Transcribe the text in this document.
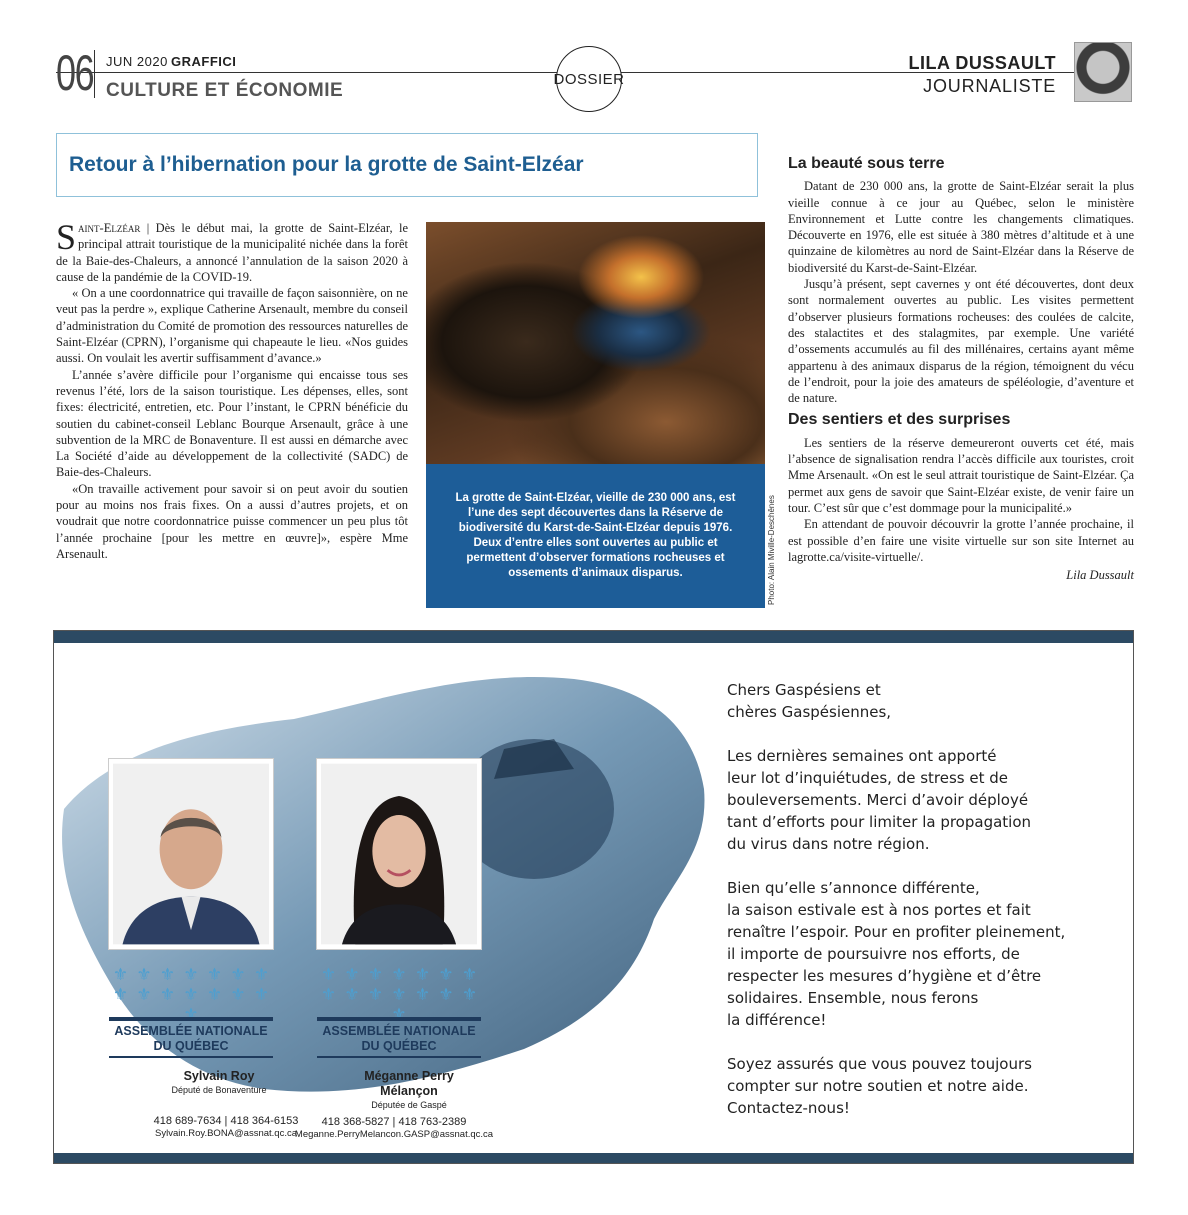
06 JUN 2020 GRAFFICI
CULTURE ET ÉCONOMIE
DOSSIER
LILA DUSSAULT
JOURNALISTE
Retour à l’hibernation pour la grotte de Saint-Elzéar

Saint-Elzéar | Dès le début mai, la grotte de Saint-Elzéar, le principal attrait touristique de la municipalité nichée dans la forêt de la Baie-des-Chaleurs, a annoncé l’annulation de la saison 2020 à cause de la pandémie de la COVID-19.

« On a une coordonnatrice qui travaille de façon saisonnière, on ne veut pas la perdre », explique Catherine Arsenault, membre du conseil d’administration du Comité de promotion des ressources naturelles de Saint-Elzéar (CPRN), l’organisme qui chapeaute le lieu. «Nos guides aussi. On voulait les avertir suffisamment d’avance.»

L’année s’avère difficile pour l’organisme qui encaisse tous ses revenus l’été, lors de la saison touristique. Les dépenses, elles, sont fixes: électricité, entretien, etc. Pour l’instant, le CPRN bénéficie du soutien du cabinet-conseil Leblanc Bourque Arsenault, grâce à une subvention de la MRC de Bonaventure. Il est aussi en démarche avec La Société d’aide au développement de la collectivité (SADC) de Baie-des-Chaleurs.

«On travaille activement pour savoir si on peut avoir du soutien pour au moins nos frais fixes. On a aussi d’autres projets, et on voudrait que notre coordonnatrice puisse commencer un peu plus tôt l’année prochaine [pour les mettre en œuvre]», espère Mme Arsenault.

La grotte de Saint-Elzéar, vieille de 230 000 ans, est l’une des sept découvertes dans la Réserve de biodiversité du Karst-de-Saint-Elzéar depuis 1976. Deux d’entre elles sont ouvertes au public et permettent d’observer formations rocheuses et ossements d’animaux disparus.	Photo: Alain Miville-Deschênes
La beauté sous terre

Datant de 230 000 ans, la grotte de Saint-Elzéar serait la plus vieille connue à ce jour au Québec, selon le ministère Environnement et Lutte contre les changements climatiques. Découverte en 1976, elle est située à 380 mètres d’altitude et à une quinzaine de kilomètres au nord de Saint-Elzéar dans la Réserve de biodiversité du Karst-de-Saint-Elzéar.

Jusqu’à présent, sept cavernes y ont été découvertes, dont deux sont normalement ouvertes au public. Les visites permettent d’observer plusieurs formations rocheuses: des coulées de calcite, des stalactites et des stalagmites, par exemple. Une variété d’ossements accumulés au fil des millénaires, certains ayant même appartenu à des animaux disparus de la région, témoignent du vécu de l’endroit, pour la joie des amateurs de spéléologie, d’aventure et de nature.

Des sentiers et des surprises

Les sentiers de la réserve demeureront ouverts cet été, mais l’absence de signalisation rendra l’accès difficile aux touristes, croit Mme Arsenault. «On est le seul attrait touristique de Saint-Elzéar. Ça permet aux gens de savoir que Saint-Elzéar existe, de venir faire un tour. C’est sûr que c’est dommage pour la municipalité.»

En attendant de pouvoir découvrir la grotte l’année prochaine, il est possible d’en faire une visite virtuelle sur son site Internet au lagrotte.ca/visite-virtuelle/.

Lila Dussault

⚜ ⚜ ⚜ ⚜ ⚜ ⚜ ⚜ ⚜ ⚜ ⚜ ⚜ ⚜ ⚜ ⚜ ⚜
⚜ ⚜ ⚜ ⚜ ⚜ ⚜ ⚜ ⚜ ⚜ ⚜ ⚜ ⚜ ⚜ ⚜ ⚜
ASSEMBLÉE NATIONALE
DU QUÉBEC
ASSEMBLÉE NATIONALE
DU QUÉBEC
Sylvain Roy
Député de Bonaventure
Méganne Perry Mélançon
Députée de Gaspé
418 689-7634 | 418 364-6153
Sylvain.Roy.BONA@assnat.qc.ca
418 368-5827 | 418 763-2389
Meganne.PerryMelancon.GASP@assnat.qc.ca

Chers Gaspésiens et
chères Gaspésiennes,

Les dernières semaines ont apporté
leur lot d’inquiétudes, de stress et de
bouleversements. Merci d’avoir déployé
tant d’efforts pour limiter la propagation
du virus dans notre région.

Bien qu’elle s’annonce différente,
la saison estivale est à nos portes et fait
renaître l’espoir. Pour en profiter pleinement,
il importe de poursuivre nos efforts, de
respecter les mesures d’hygiène et d’être
solidaires. Ensemble, nous ferons
la différence!

Soyez assurés que vous pouvez toujours
compter sur notre soutien et notre aide.
Contactez-nous!
